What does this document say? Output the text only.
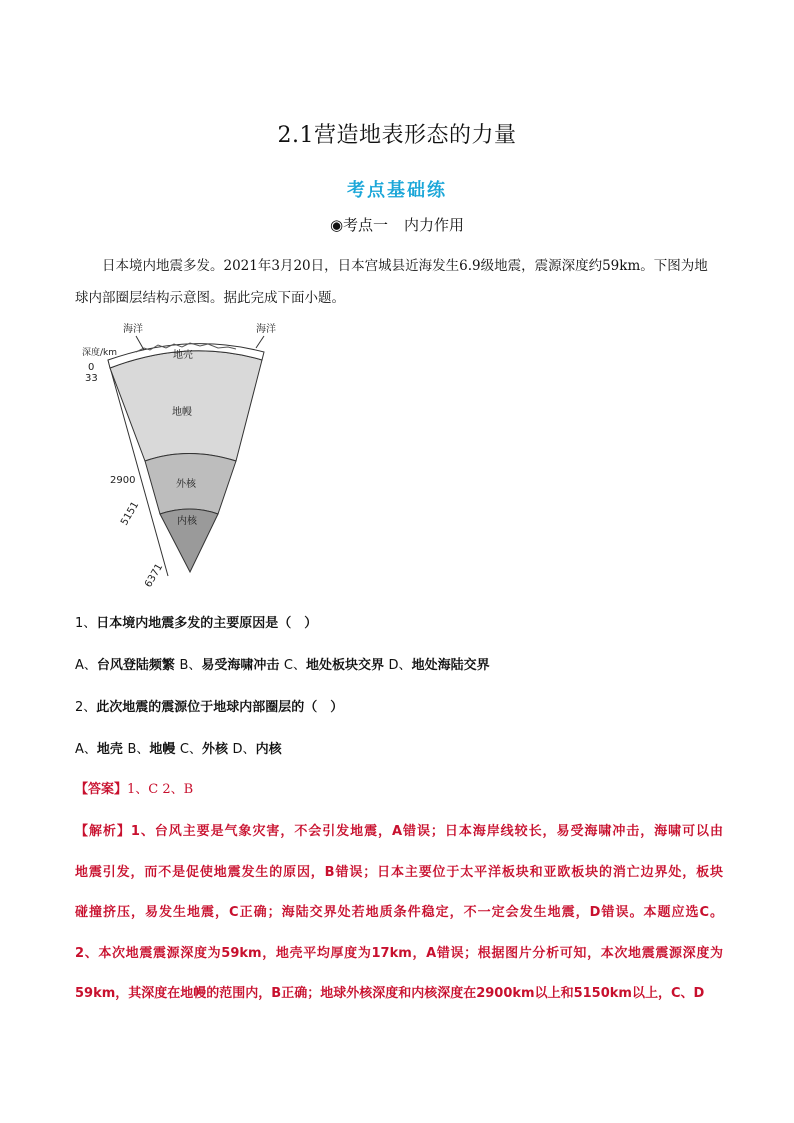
2.1营造地表形态的力量
考点基础练
◉考点一 内力作用
日本境内地震多发。2021年3月20日，日本宫城县近海发生6.9级地震，震源深度约59km。下图为地球内部圈层结构示意图。据此完成下面小题。
海洋	海洋
深度/km	地壳
地幔
外核
内核
0
33
2900
5151
6371
1、日本境内地震多发的主要原因是（　）
A、台风登陆频繁 B、易受海啸冲击 C、地处板块交界 D、地处海陆交界
2、此次地震的震源位于地球内部圈层的（　）
A、地壳 B、地幔 C、外核 D、内核
【答案】1、C 2、B
【解析】1、台风主要是气象灾害，不会引发地震，A错误；日本海岸线较长，易受海啸冲击，海啸可以由
地震引发，而不是促使地震发生的原因，B错误；日本主要位于太平洋板块和亚欧板块的消亡边界处，板块
碰撞挤压，易发生地震，C正确；海陆交界处若地质条件稳定，不一定会发生地震，D错误。本题应选C。
2、本次地震震源深度为59km，地壳平均厚度为17km，A错误；根据图片分析可知，本次地震震源深度为
59km，其深度在地幔的范围内，B正确；地球外核深度和内核深度在2900km以上和5150km以上，C、D
